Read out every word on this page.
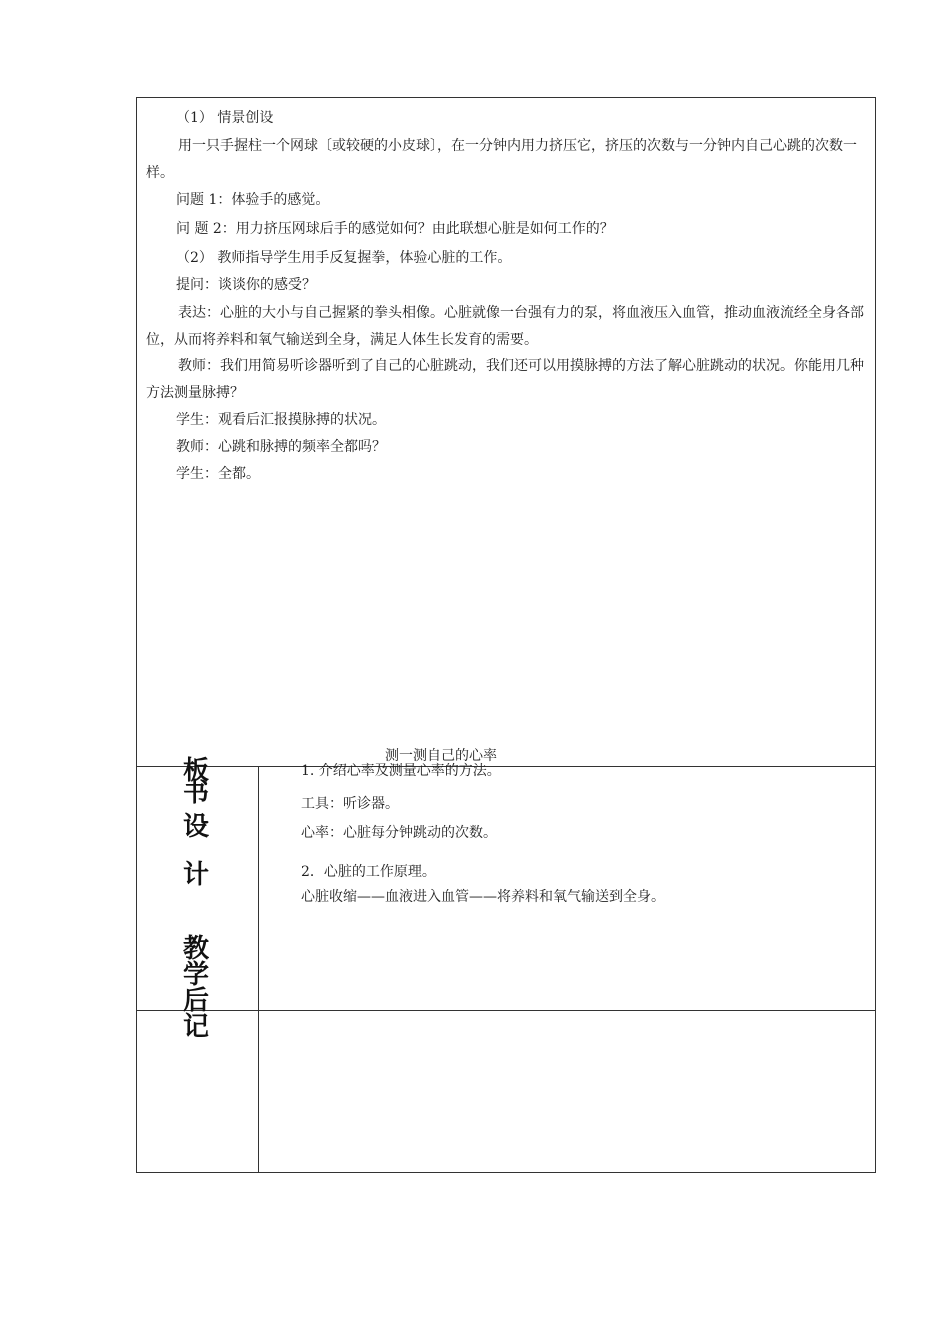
（1） 情景创设
用一只手握柱一个网球〔或较硬的小皮球〕，在一分钟内用力挤压它，挤压的次数与一分钟内自己心跳的次数一样。
问题 1：体验手的感觉。
问 题 2：用力挤压网球后手的感觉如何？由此联想心脏是如何工作的？
（2） 教师指导学生用手反复握拳，体验心脏的工作。
提问：谈谈你的感受？
表达：心脏的大小与自己握紧的拳头相像。心脏就像一台强有力的泵，将血液压入血管，推动血液流经全身各部位，从而将养料和氧气输送到全身，满足人体生长发育的需要。
教师：我们用简易听诊器听到了自己的心脏跳动，我们还可以用摸脉搏的方法了解心脏跳动的状况。你能用几种方法测量脉搏？
学生：观看后汇报摸脉搏的状况。
教师：心跳和脉搏的频率全都吗？
学生：全都。
测一测自己的心率
1. 介绍心率及测量心率的方法。
工具：听诊器。
心率：心脏每分钟跳动的次数。
2．心脏的工作原理。
心脏收缩——血液进入血管——将养料和氧气输送到全身。
板
书
设
计
教
学
后
记
